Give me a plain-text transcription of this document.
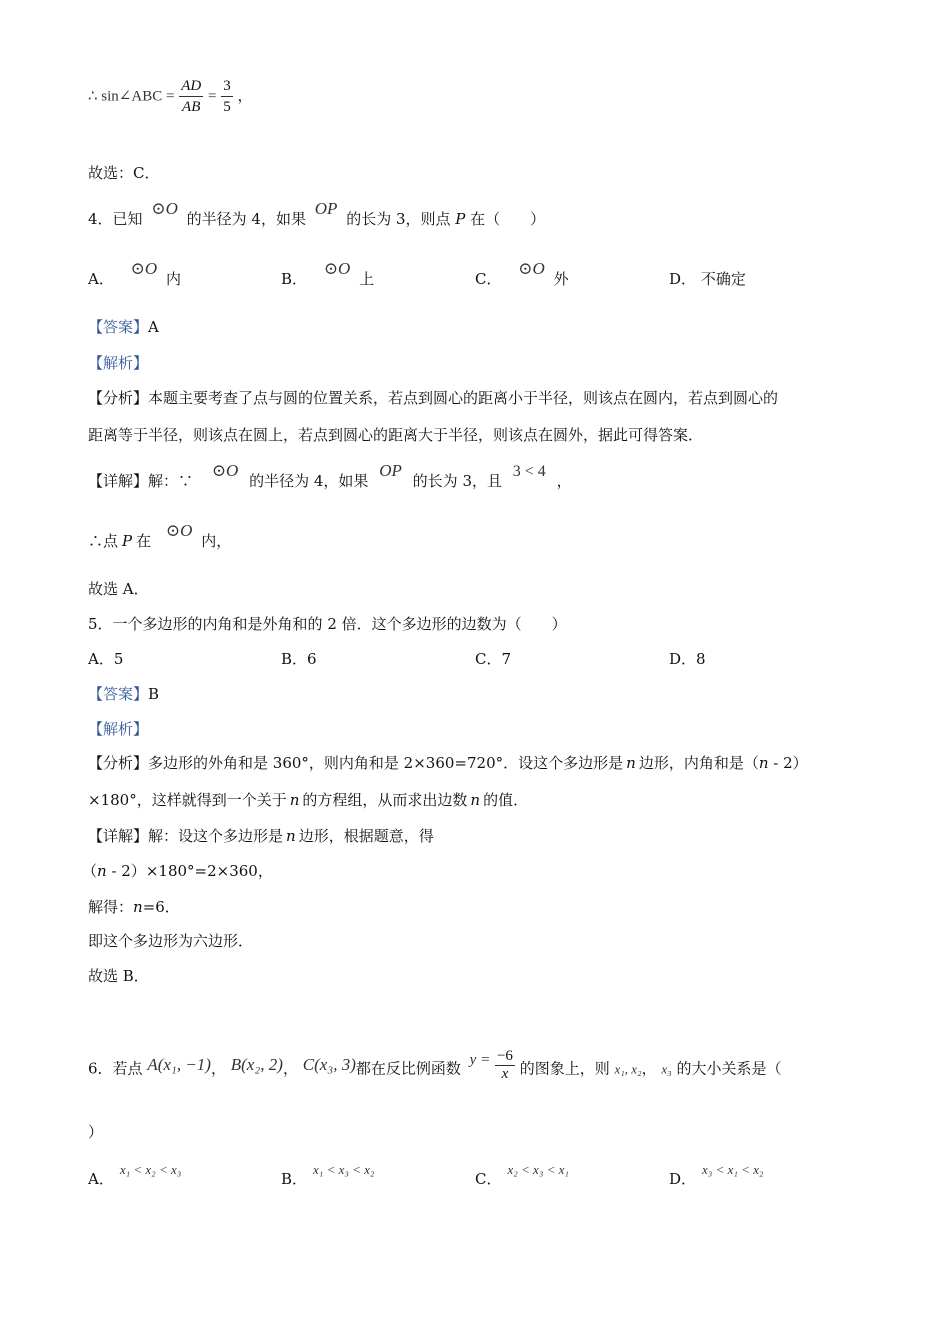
∴ sin∠ABC = $\frac{AD}{AB} = \frac{3}{5}$ ，
故选：C．
4．已知 ⊙O 的半径为 4，如果 OP 的长为 3，则点 P 在（　　）
A． ⊙O 内	B． ⊙O 上	C． ⊙O 外	D． 不确定
【答案】A
【解析】
【分析】本题主要考查了点与圆的位置关系，若点到圆心的距离小于半径，则该点在圆内，若点到圆心的
距离等于半径，则该点在圆上，若点到圆心的距离大于半径，则该点在圆外，据此可得答案．
【详解】解：∵ ⊙O 的半径为 4，如果 OP 的长为 3，且 3 < 4 ，
∴点 P 在 ⊙O 内，
故选 A．
5．一个多边形的内角和是外角和的 2 倍．这个多边形的边数为（　　）
A．5	B．6	C．7	D．8
【答案】B
【解析】
【分析】多边形的外角和是 360°，则内角和是 2×360=720°．设这个多边形是 n 边形，内角和是（n - 2）
×180°，这样就得到一个关于 n 的方程组，从而求出边数 n 的值．
【详解】解：设这个多边形是 n 边形，根据题意，得
（n - 2）×180°=2×360，
解得：n=6．
即这个多边形为六边形．
故选 B．
6．若点 A(x₁, −1)， B(x₂, 2)， C(x₃, 3)都在反比例函数 $y = \frac{-6}{x}$ 的图象上，则 x₁, x₂， x₃ 的大小关系是（
）
A．x₁ < x₂ < x₃
B．x₁ < x₃ < x₂
C．x₂ < x₃ < x₁
D．x₃ < x₁ < x₂
